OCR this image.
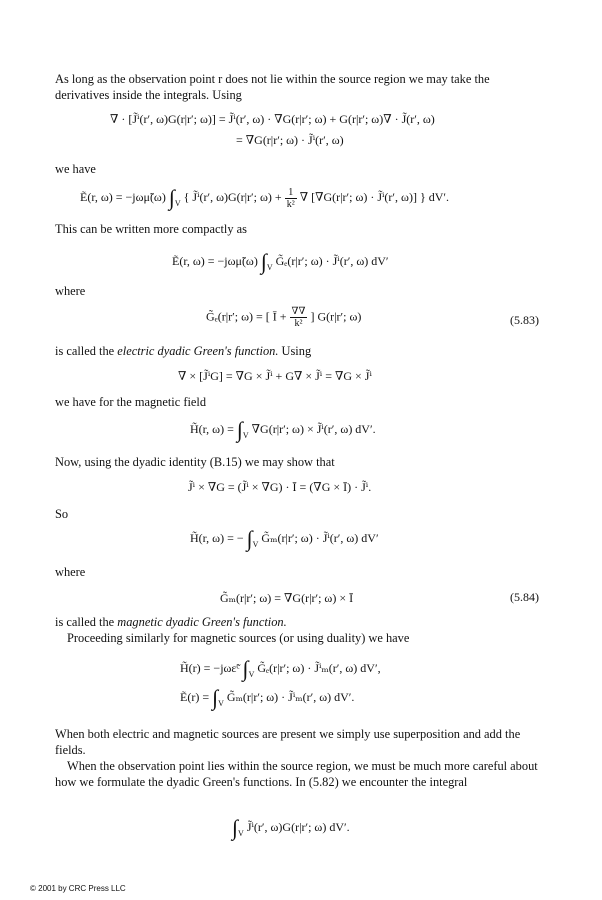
As long as the observation point r does not lie within the source region we may take the derivatives inside the integrals. Using
∇ · [J̃ⁱ(r′, ω)G(r|r′; ω)] = J̃ⁱ(r′, ω) · ∇G(r|r′; ω) + G(r|r′; ω)∇ · J̃(r′, ω)
= ∇G(r|r′; ω) · J̃ⁱ(r′, ω)
we have
Ẽ(r, ω) = −jωμ̃(ω) $\int_V$ { J̃ⁱ(r′, ω)G(r|r′; $\omega) + \frac{1}{\text{k²}}$ ∇ [∇G(r|r′; ω) · J̃ⁱ(r′, ω)] } dV′.
This can be written more compactly as
Ẽ(r, ω) = −jωμ̃(ω) $\int_V$ G̃ₑ(r|r′; ω) · J̃ⁱ(r′, ω) dV′
where
G̃ₑ(r|r′; ω) = [ Ī + $\frac{\nabla\nabla}{\text{k²}}$ ] G(r|r′; ω)	(5.83)
is called the electric dyadic Green's function. Using
∇ × [J̃ⁱG] = ∇G × J̃ⁱ + G∇ × J̃ⁱ = ∇G × J̃ⁱ
we have for the magnetic field
H̃(r, $\omega) = \int_V$ ∇G(r|r′; ω) × J̃ⁱ(r′, ω) dV′.
Now, using the dyadic identity (B.15) we may show that
J̃ⁱ × ∇G = (J̃ⁱ × ∇G) · Ī = (∇G × Ī) · J̃ⁱ.
So
H̃(r, ω) = − $\int_V$ G̃ₘ(r|r′; ω) · J̃ⁱ(r′, ω) dV′
where
G̃ₘ(r|r′; ω) = ∇G(r|r′; ω) × Ī	(5.84)
is called the magnetic dyadic Green's function.
Proceeding similarly for magnetic sources (or using duality) we have
H̃(r) = −jωε̃ᶜ $\int_V$ G̃ₑ(r|r′; ω) · J̃ⁱₘ(r′, ω) dV′,
Ẽ(r) = $\int_V$ G̃ₘ(r|r′; ω) · J̃ⁱₘ(r′, ω) dV′.
When both electric and magnetic sources are present we simply use superposition and add the fields.
When the observation point lies within the source region, we must be much more careful about how we formulate the dyadic Green's functions. In (5.82) we encounter the integral
$\int_V$ J̃ⁱ(r′, ω)G(r|r′; ω) dV′.
© 2001 by CRC Press LLC
